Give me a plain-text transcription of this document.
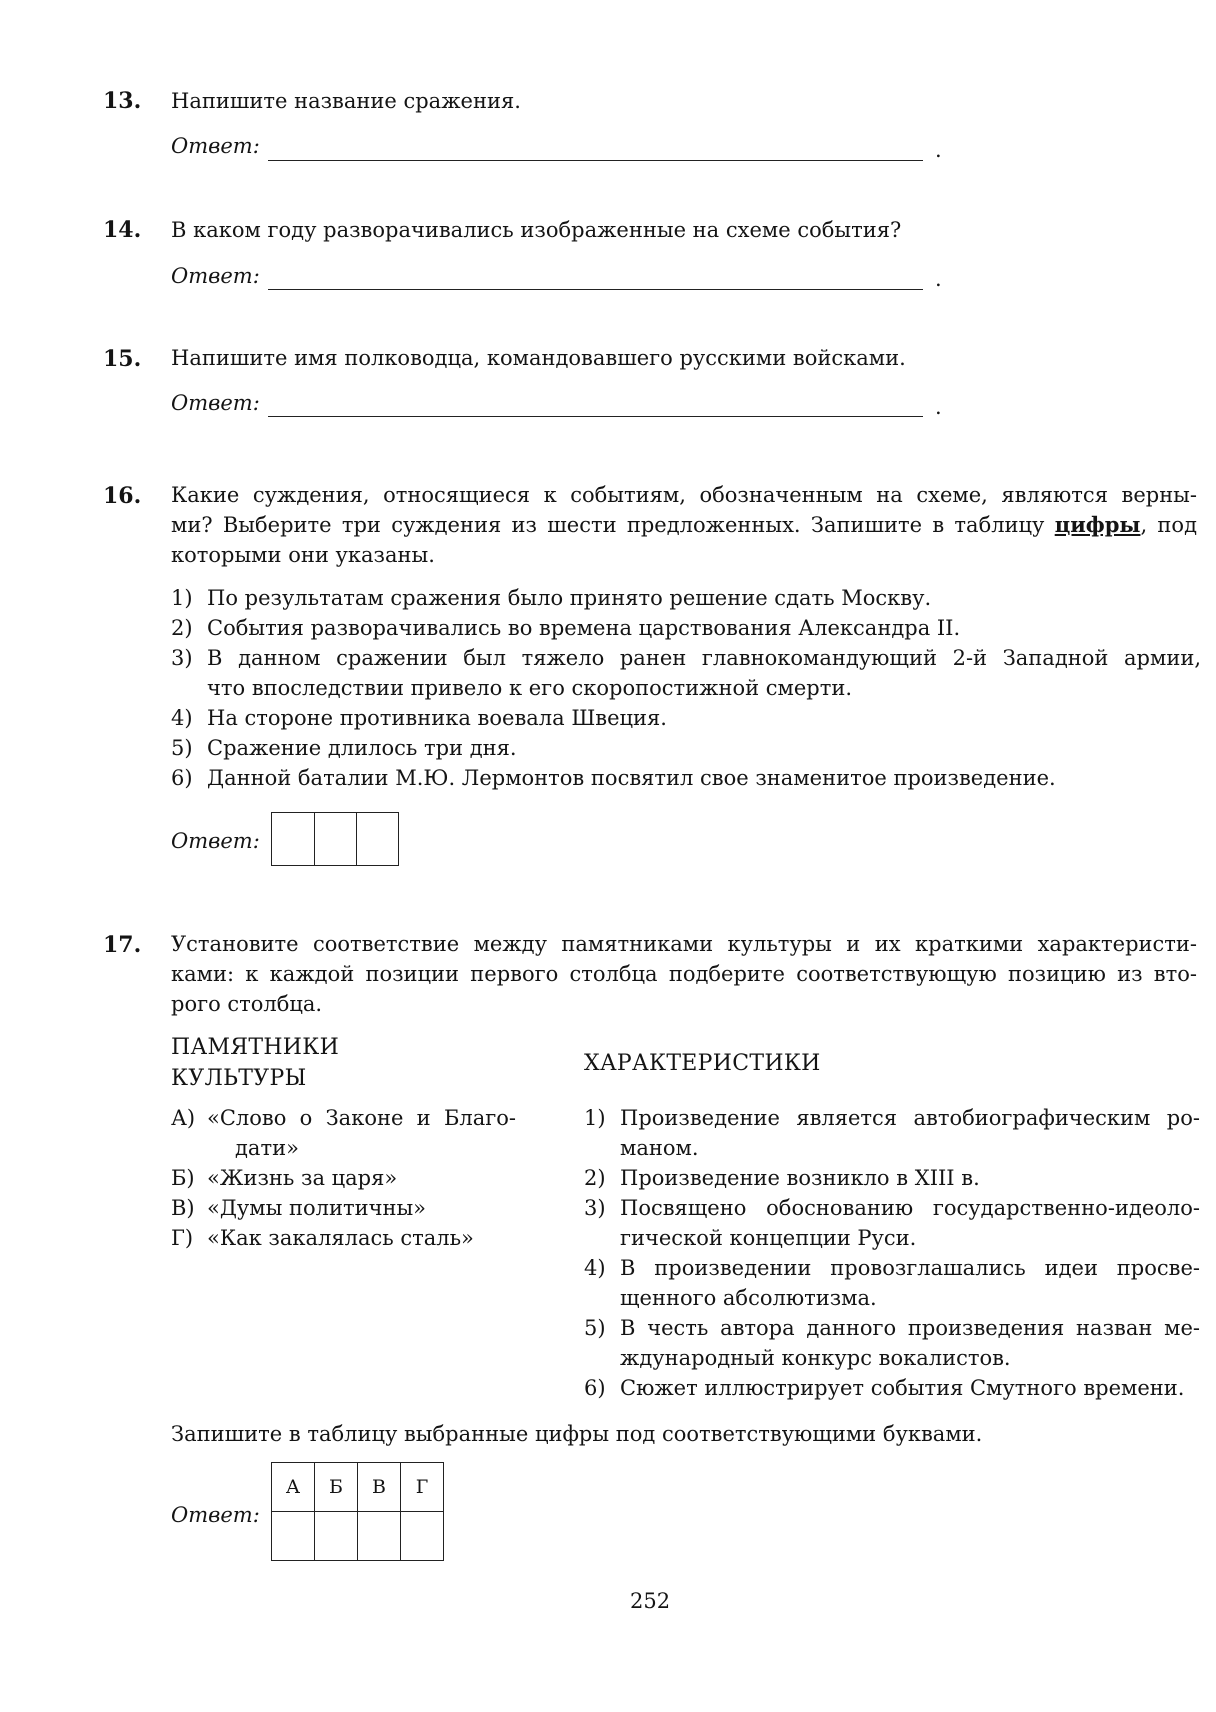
13. Напишите название сражения.
Ответ:	.
14. В каком году разворачивались изображенные на схеме события?
Ответ:	.
15. Напишите имя полководца, командовавшего русскими войсками.
Ответ:	.
16. Какие суждения, относящиеся к событиям, обозначенным на схеме, являются верны-
ми? Выберите три суждения из шести предложенных. Запишите в таблицу цифры, под
которыми они указаны.
1) По результатам сражения было принято решение сдать Москву.
2) События разворачивались во времена царствования Александра II.
3) В данном сражении был тяжело ранен главнокомандующий 2-й Западной армии,
что впоследствии привело к его скоропостижной смерти.
4) На стороне противника воевала Швеция.
5) Сражение длилось три дня.
6) Данной баталии М.Ю. Лермонтов посвятил свое знаменитое произведение.
Ответ:
17. Установите соответствие между памятниками культуры и их краткими характеристи-
ками: к каждой позиции первого столбца подберите соответствующую позицию из вто-
рого столбца.
ПАМЯТНИКИ
КУЛЬТУРЫ
ХАРАКТЕРИСТИКИ
А) «Слово о Законе и Благо-
дати»
Б) «Жизнь за царя»
В) «Думы политичны»
Г) «Как закалялась сталь»
1) Произведение является автобиографическим ро-
маном.
2) Произведение возникло в XIII в.
3) Посвящено обоснованию государственно-идеоло-
гической концепции Руси.
4) В произведении провозглашались идеи просве-
щенного абсолютизма.
5) В честь автора данного произведения назван ме-
ждународный конкурс вокалистов.
6) Сюжет иллюстрирует события Смутного времени.
Запишите в таблицу выбранные цифры под соответствующими буквами.
Ответ:
А	Б	В	Г

252
